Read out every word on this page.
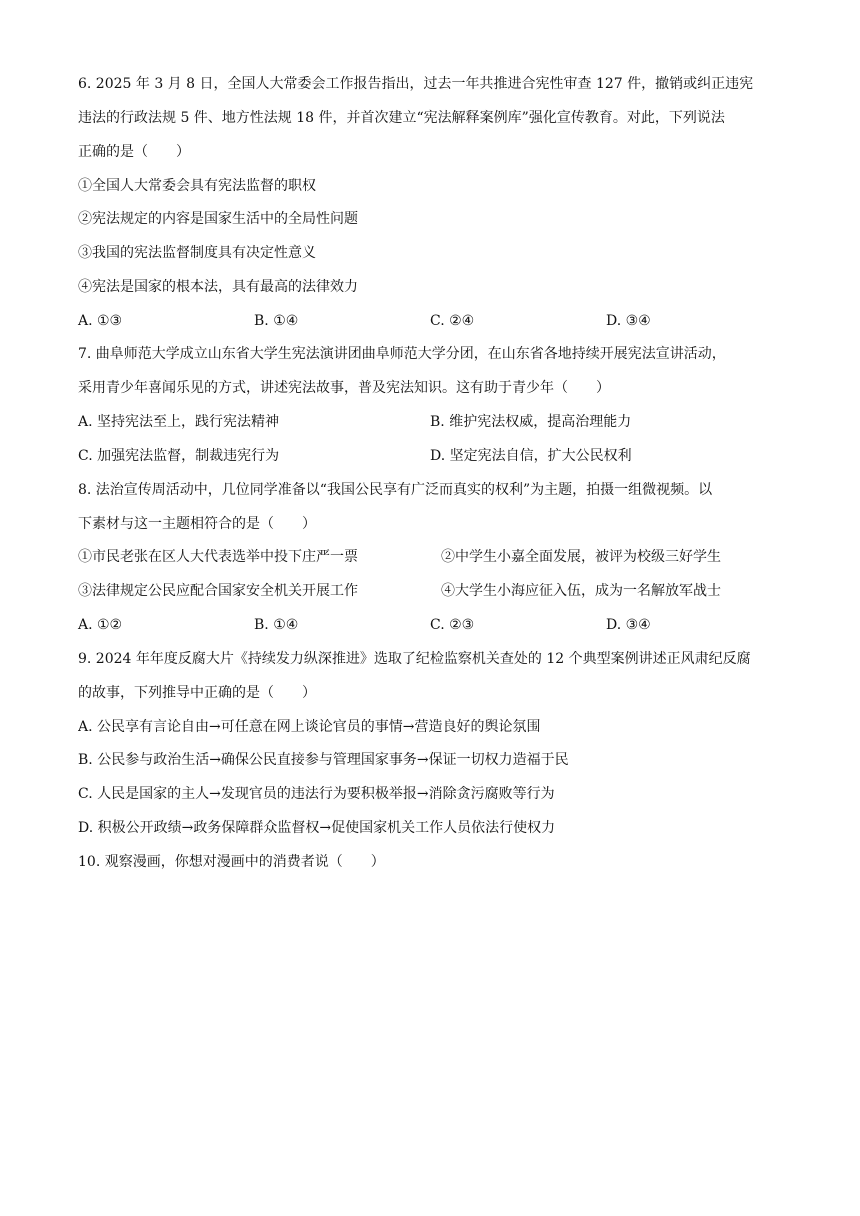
6. 2025 年 3 月 8 日，全国人大常委会工作报告指出，过去一年共推进合宪性审查 127 件，撤销或纠正违宪
违法的行政法规 5 件、地方性法规 18 件，并首次建立“宪法解释案例库”强化宣传教育。对此，下列说法
正确的是（　　）
①全国人大常委会具有宪法监督的职权
②宪法规定的内容是国家生活中的全局性问题
③我国的宪法监督制度具有决定性意义
④宪法是国家的根本法，具有最高的法律效力
A. ①③	B. ①④	C. ②④	D. ③④
7. 曲阜师范大学成立山东省大学生宪法演讲团曲阜师范大学分团，在山东省各地持续开展宪法宣讲活动，
采用青少年喜闻乐见的方式，讲述宪法故事，普及宪法知识。这有助于青少年（　　）
A. 坚持宪法至上，践行宪法精神	B. 维护宪法权威，提高治理能力
C. 加强宪法监督，制裁违宪行为	D. 坚定宪法自信，扩大公民权利
8. 法治宣传周活动中，几位同学准备以“我国公民享有广泛而真实的权利”为主题，拍摄一组微视频。以
下素材与这一主题相符合的是（　　）
①市民老张在区人大代表选举中投下庄严一票	②中学生小嘉全面发展，被评为校级三好学生
③法律规定公民应配合国家安全机关开展工作	④大学生小海应征入伍，成为一名解放军战士
A. ①②	B. ①④	C. ②③	D. ③④
9. 2024 年年度反腐大片《持续发力纵深推进》选取了纪检监察机关查处的 12 个典型案例讲述正风肃纪反腐
的故事，下列推导中正确的是（　　）
A. 公民享有言论自由→可任意在网上谈论官员的事情→营造良好的舆论氛围
B. 公民参与政治生活→确保公民直接参与管理国家事务→保证一切权力造福于民
C. 人民是国家的主人→发现官员的违法行为要积极举报→消除贪污腐败等行为
D. 积极公开政绩→政务保障群众监督权→促使国家机关工作人员依法行使权力
10. 观察漫画，你想对漫画中的消费者说（　　）
